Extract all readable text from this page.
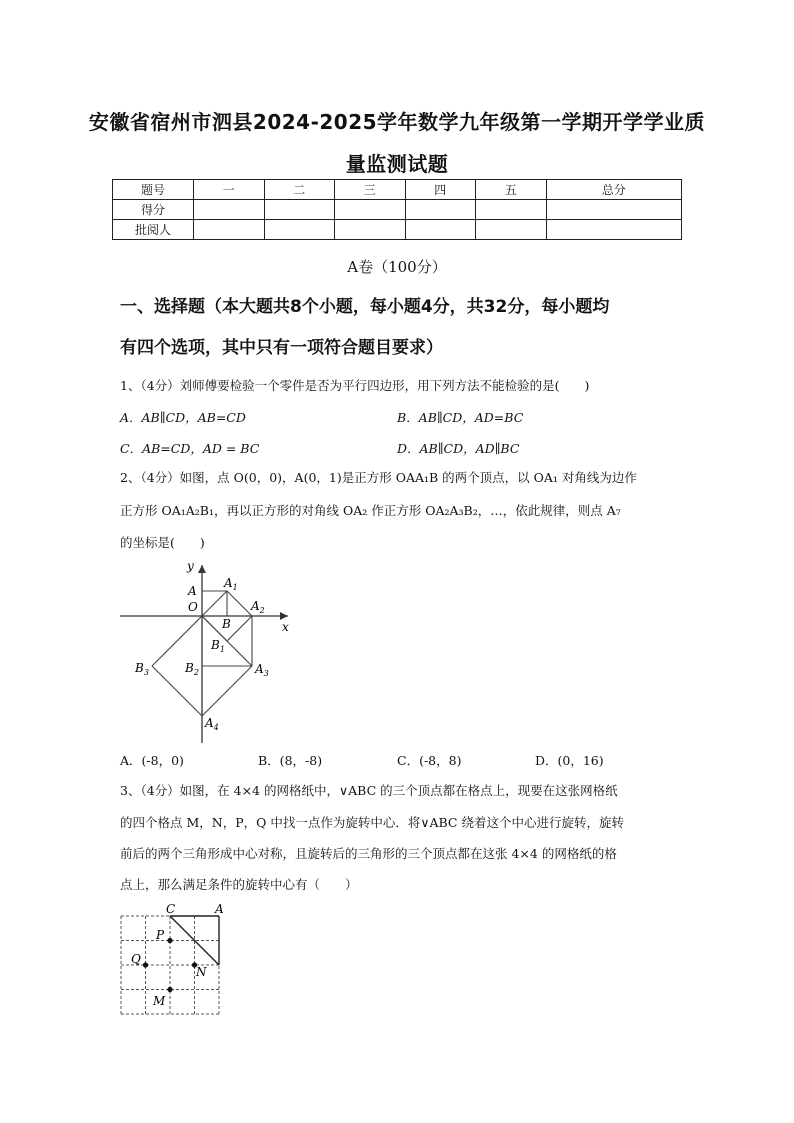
安徽省宿州市泗县2024-2025学年数学九年级第一学期开学学业质
量监测试题
题号	一	二	三	四	五	总分
得分						
批阅人						
A卷（100分）
一、选择题（本大题共8个小题，每小题4分，共32分，每小题均
有四个选项，其中只有一项符合题目要求）
1、（4分）刘师傅要检验一个零件是否为平行四边形，用下列方法不能检验的是(　　)
A．AB∥CD，AB=CD	B．AB∥CD，AD=BC
C．AB=CD，AD = BC	D．AB∥CD，AD∥BC
2、（4分）如图，点 O(0，0)，A(0，1)是正方形 OAA₁B 的两个顶点，以 OA₁ 对角线为边作
正方形 OA₁A₂B₁，再以正方形的对角线 OA₂ 作正方形 OA₂A₃B₂，…，依此规律，则点 A₇
的坐标是(　　)
y
x
A
O
B
$A_1$
$A_2$
$B_1$
$B_2$
$B_3$	$A_3$
$A_4$
A．(-8，0)	B．(8，-8)	C．(-8，8)	D．(0，16)
3、（4分）如图，在 4×4 的网格纸中，∨ABC 的三个顶点都在格点上，现要在这张网格纸
的四个格点 M，N，P，Q 中找一点作为旋转中心．将∨ABC 绕着这个中心进行旋转，旋转
前后的两个三角形成中心对称，且旋转后的三角形的三个顶点都在这张 4×4 的网格纸的格
点上，那么满足条件的旋转中心有（　　）
C	A
P
Q
N
M
